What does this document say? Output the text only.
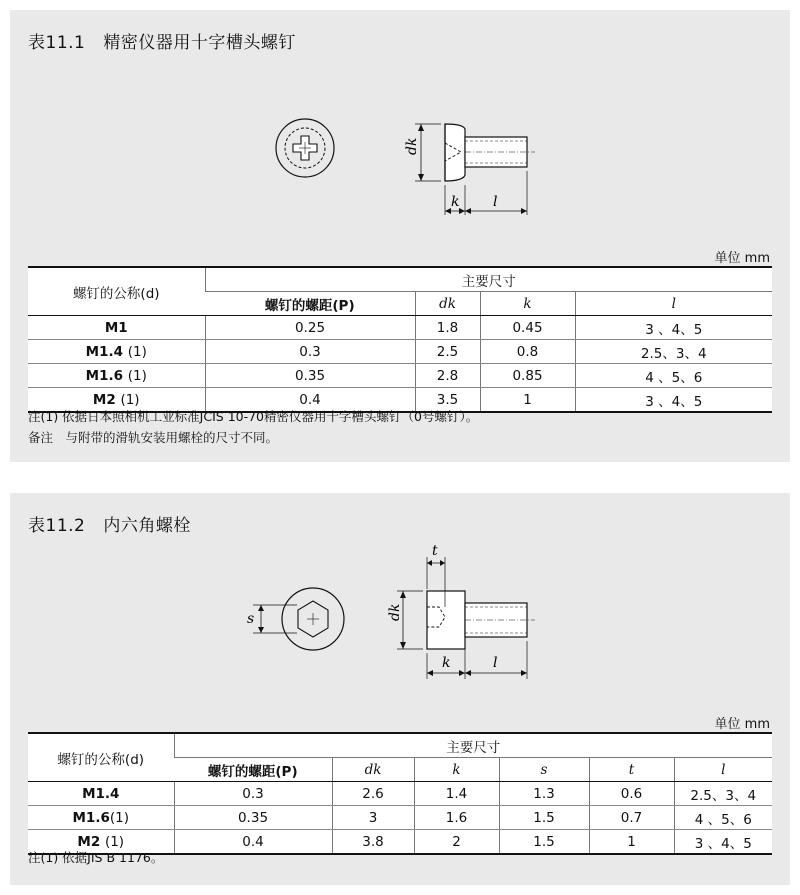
表11.1 精密仪器用十字槽头螺钉
dk
k l
单位 mm
螺钉的公称(d)	主要尺寸			
	螺钉的螺距(P)	dk	k	l
M1	0.25	1.8	0.45	3 、4、5
M1.4 (1)	0.3	2.5	0.8	2.5、3、4
M1.6 (1)	0.35	2.8	0.85	4 、5、6
M2 (1)	0.4	3.5	1	3 、4、5
注(1) 依据日本照相机工业标准JCIS 10-70精密仪器用十字槽头螺钉（0号螺钉）。
备注　与附带的滑轨安装用螺栓的尺寸不同。
表11.2 内六角螺栓
s
t
dk
k	l
单位 mm
螺钉的公称(d)	主要尺寸					
	螺钉的螺距(P)	dk	k	s	t	l
M1.4	0.3	2.6	1.4	1.3	0.6	2.5、3、4
M1.6(1)	0.35	3	1.6	1.5	0.7	4 、5、6
M2 (1)	0.4	3.8	2	1.5	1	3 、4、5
注(1) 依据JIS B 1176。
